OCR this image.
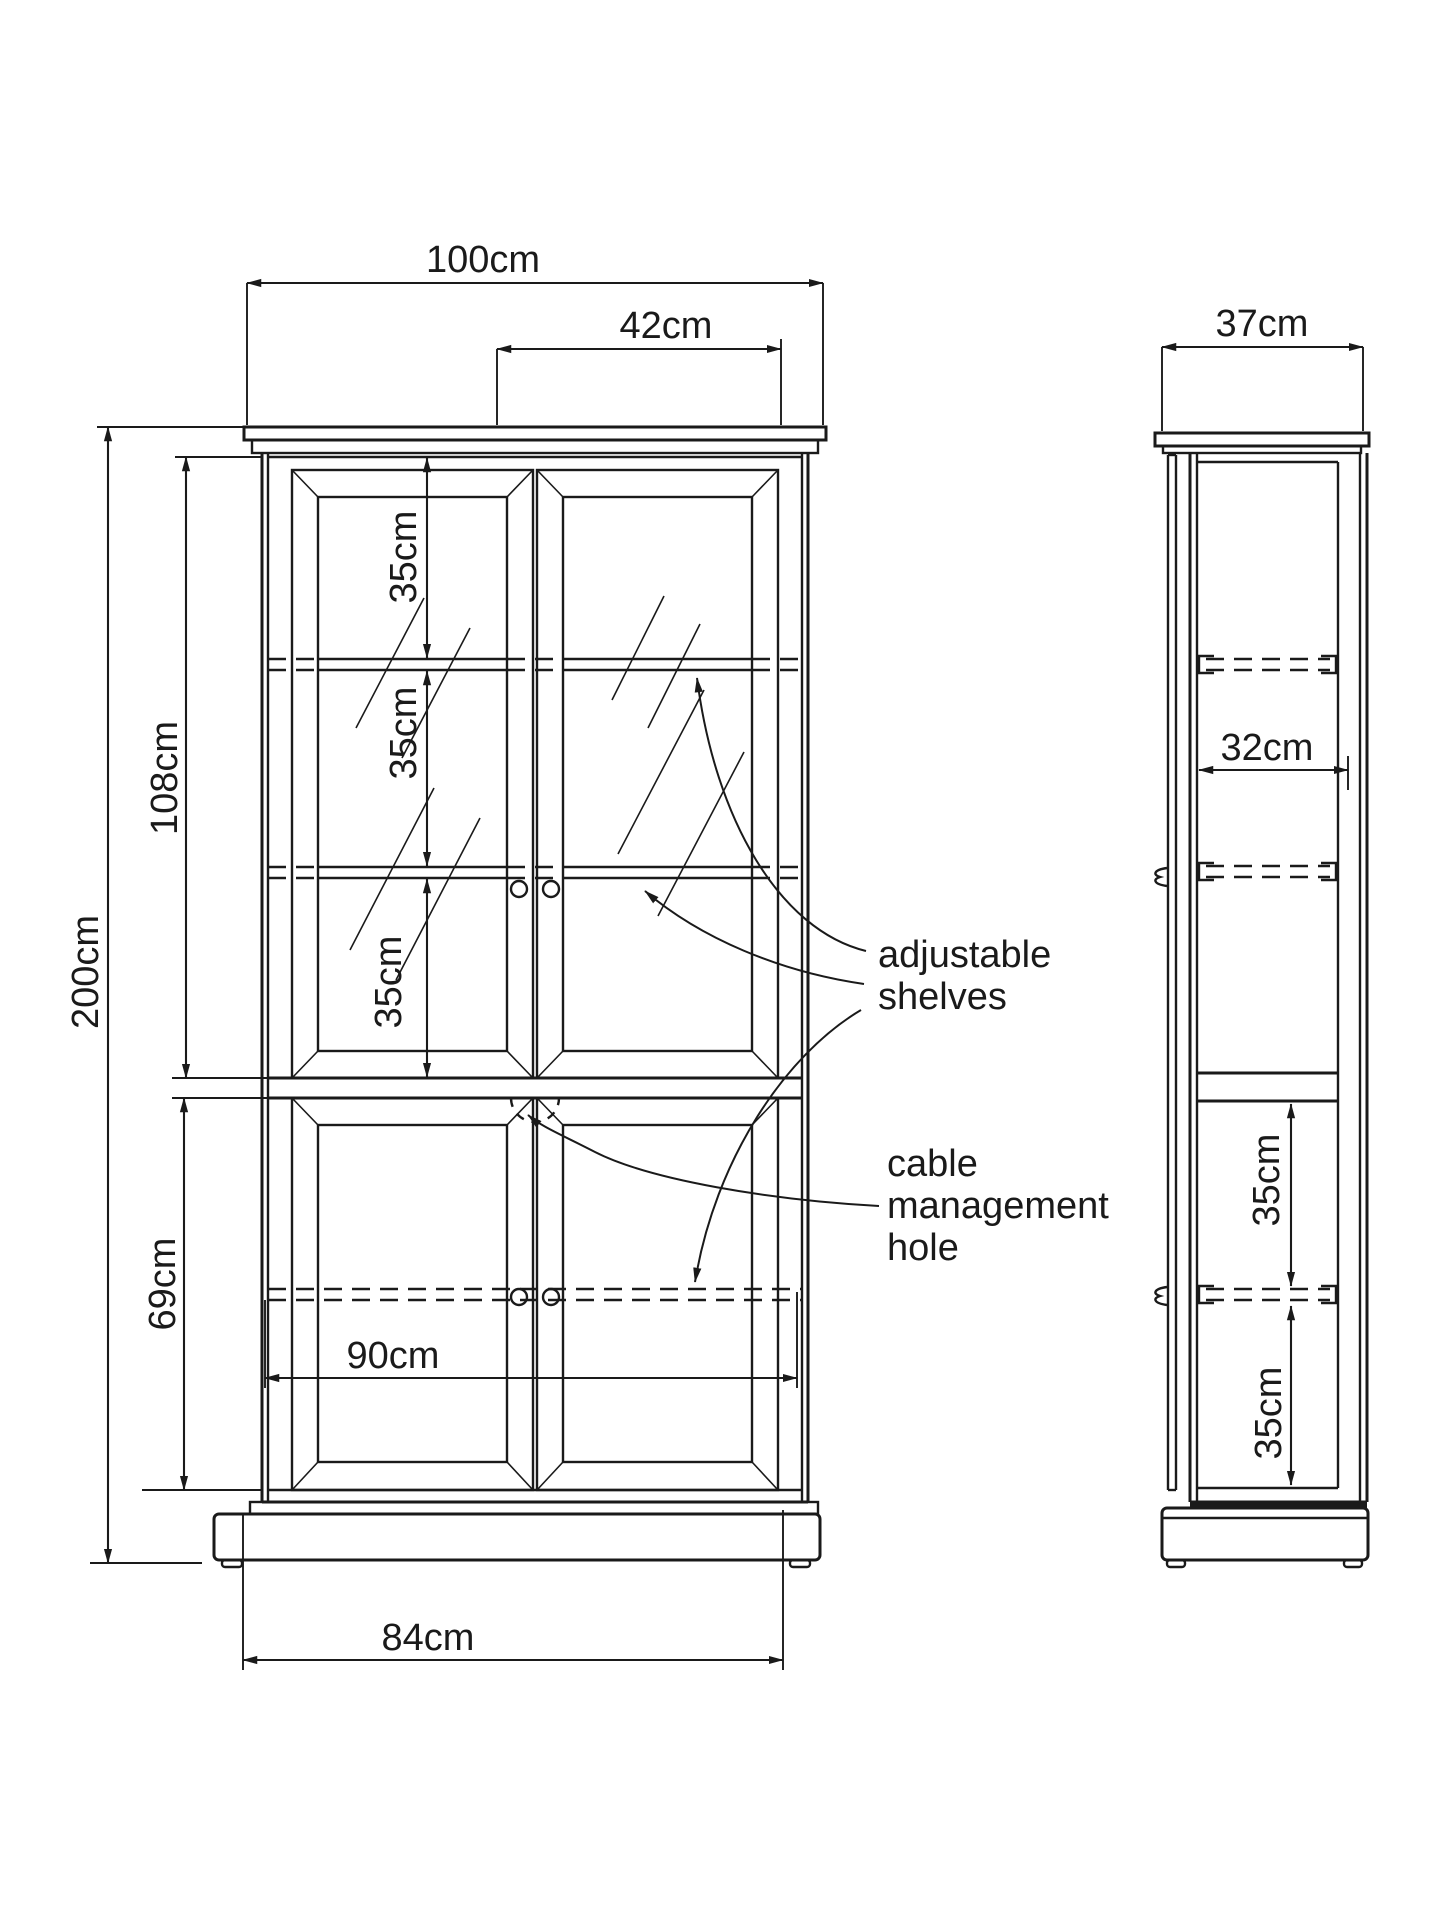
100cm
42cm
200cm
108cm
69cm
35cm
35cm
35cm
90cm
84cm
37cm
32cm
35cm
35cm
adjustable
shelves
cable
management
hole
